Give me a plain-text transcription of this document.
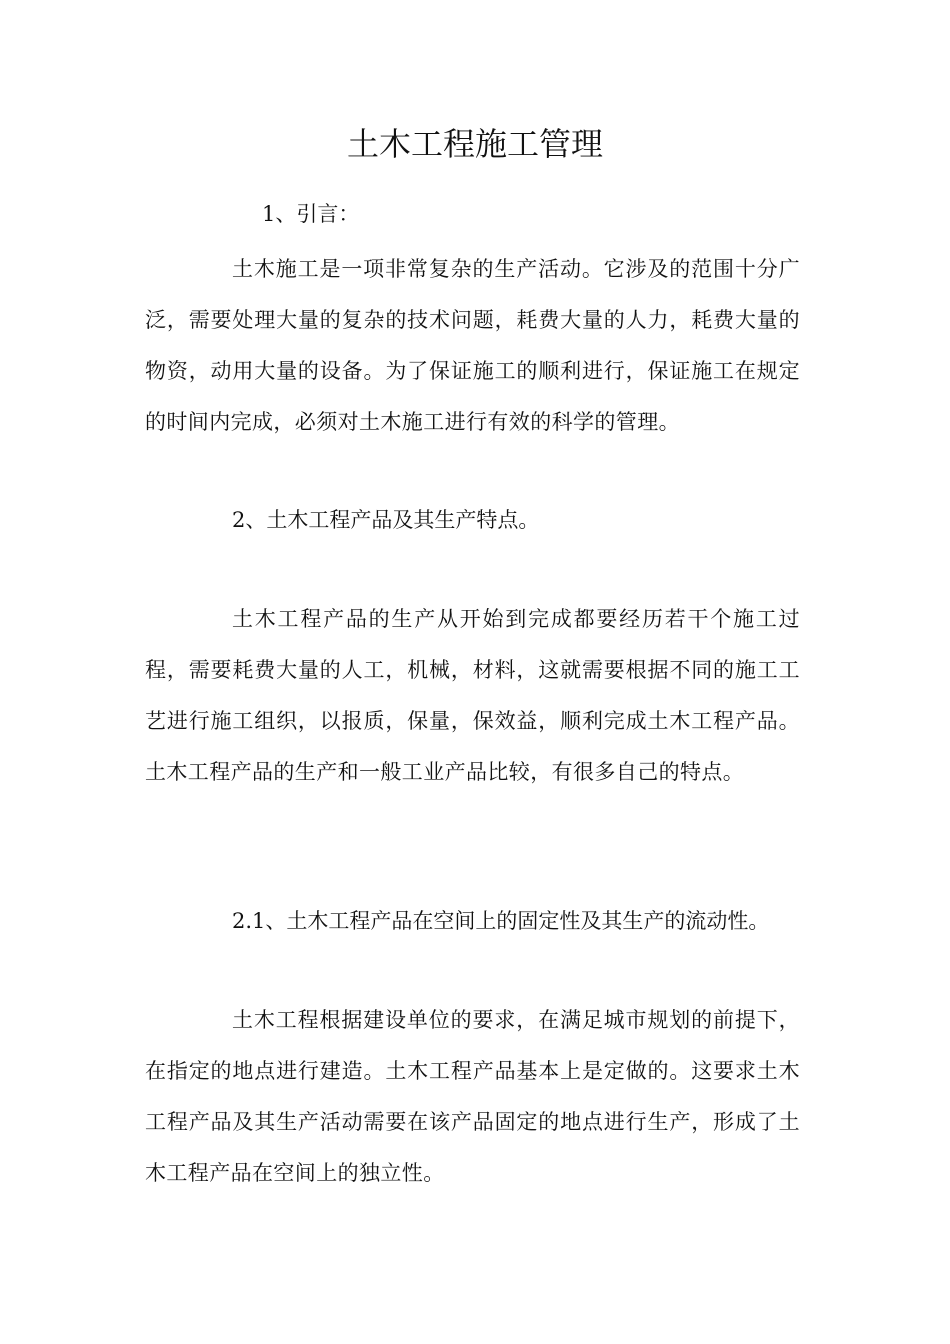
土木工程施工管理

1、引言：

土木施工是一项非常复杂的生产活动。它涉及的范围十分广泛，需要处理大量的复杂的技术问题，耗费大量的人力，耗费大量的物资，动用大量的设备。为了保证施工的顺利进行，保证施工在规定的时间内完成，必须对土木施工进行有效的科学的管理。

2、土木工程产品及其生产特点。

土木工程产品的生产从开始到完成都要经历若干个施工过程，需要耗费大量的人工，机械，材料，这就需要根据不同的施工工艺进行施工组织，以报质，保量，保效益，顺利完成土木工程产品。土木工程产品的生产和一般工业产品比较，有很多自己的特点。

2.1、土木工程产品在空间上的固定性及其生产的流动性。

土木工程根据建设单位的要求，在满足城市规划的前提下，在指定的地点进行建造。土木工程产品基本上是定做的。这要求土木工程产品及其生产活动需要在该产品固定的地点进行生产，形成了土木工程产品在空间上的独立性。
